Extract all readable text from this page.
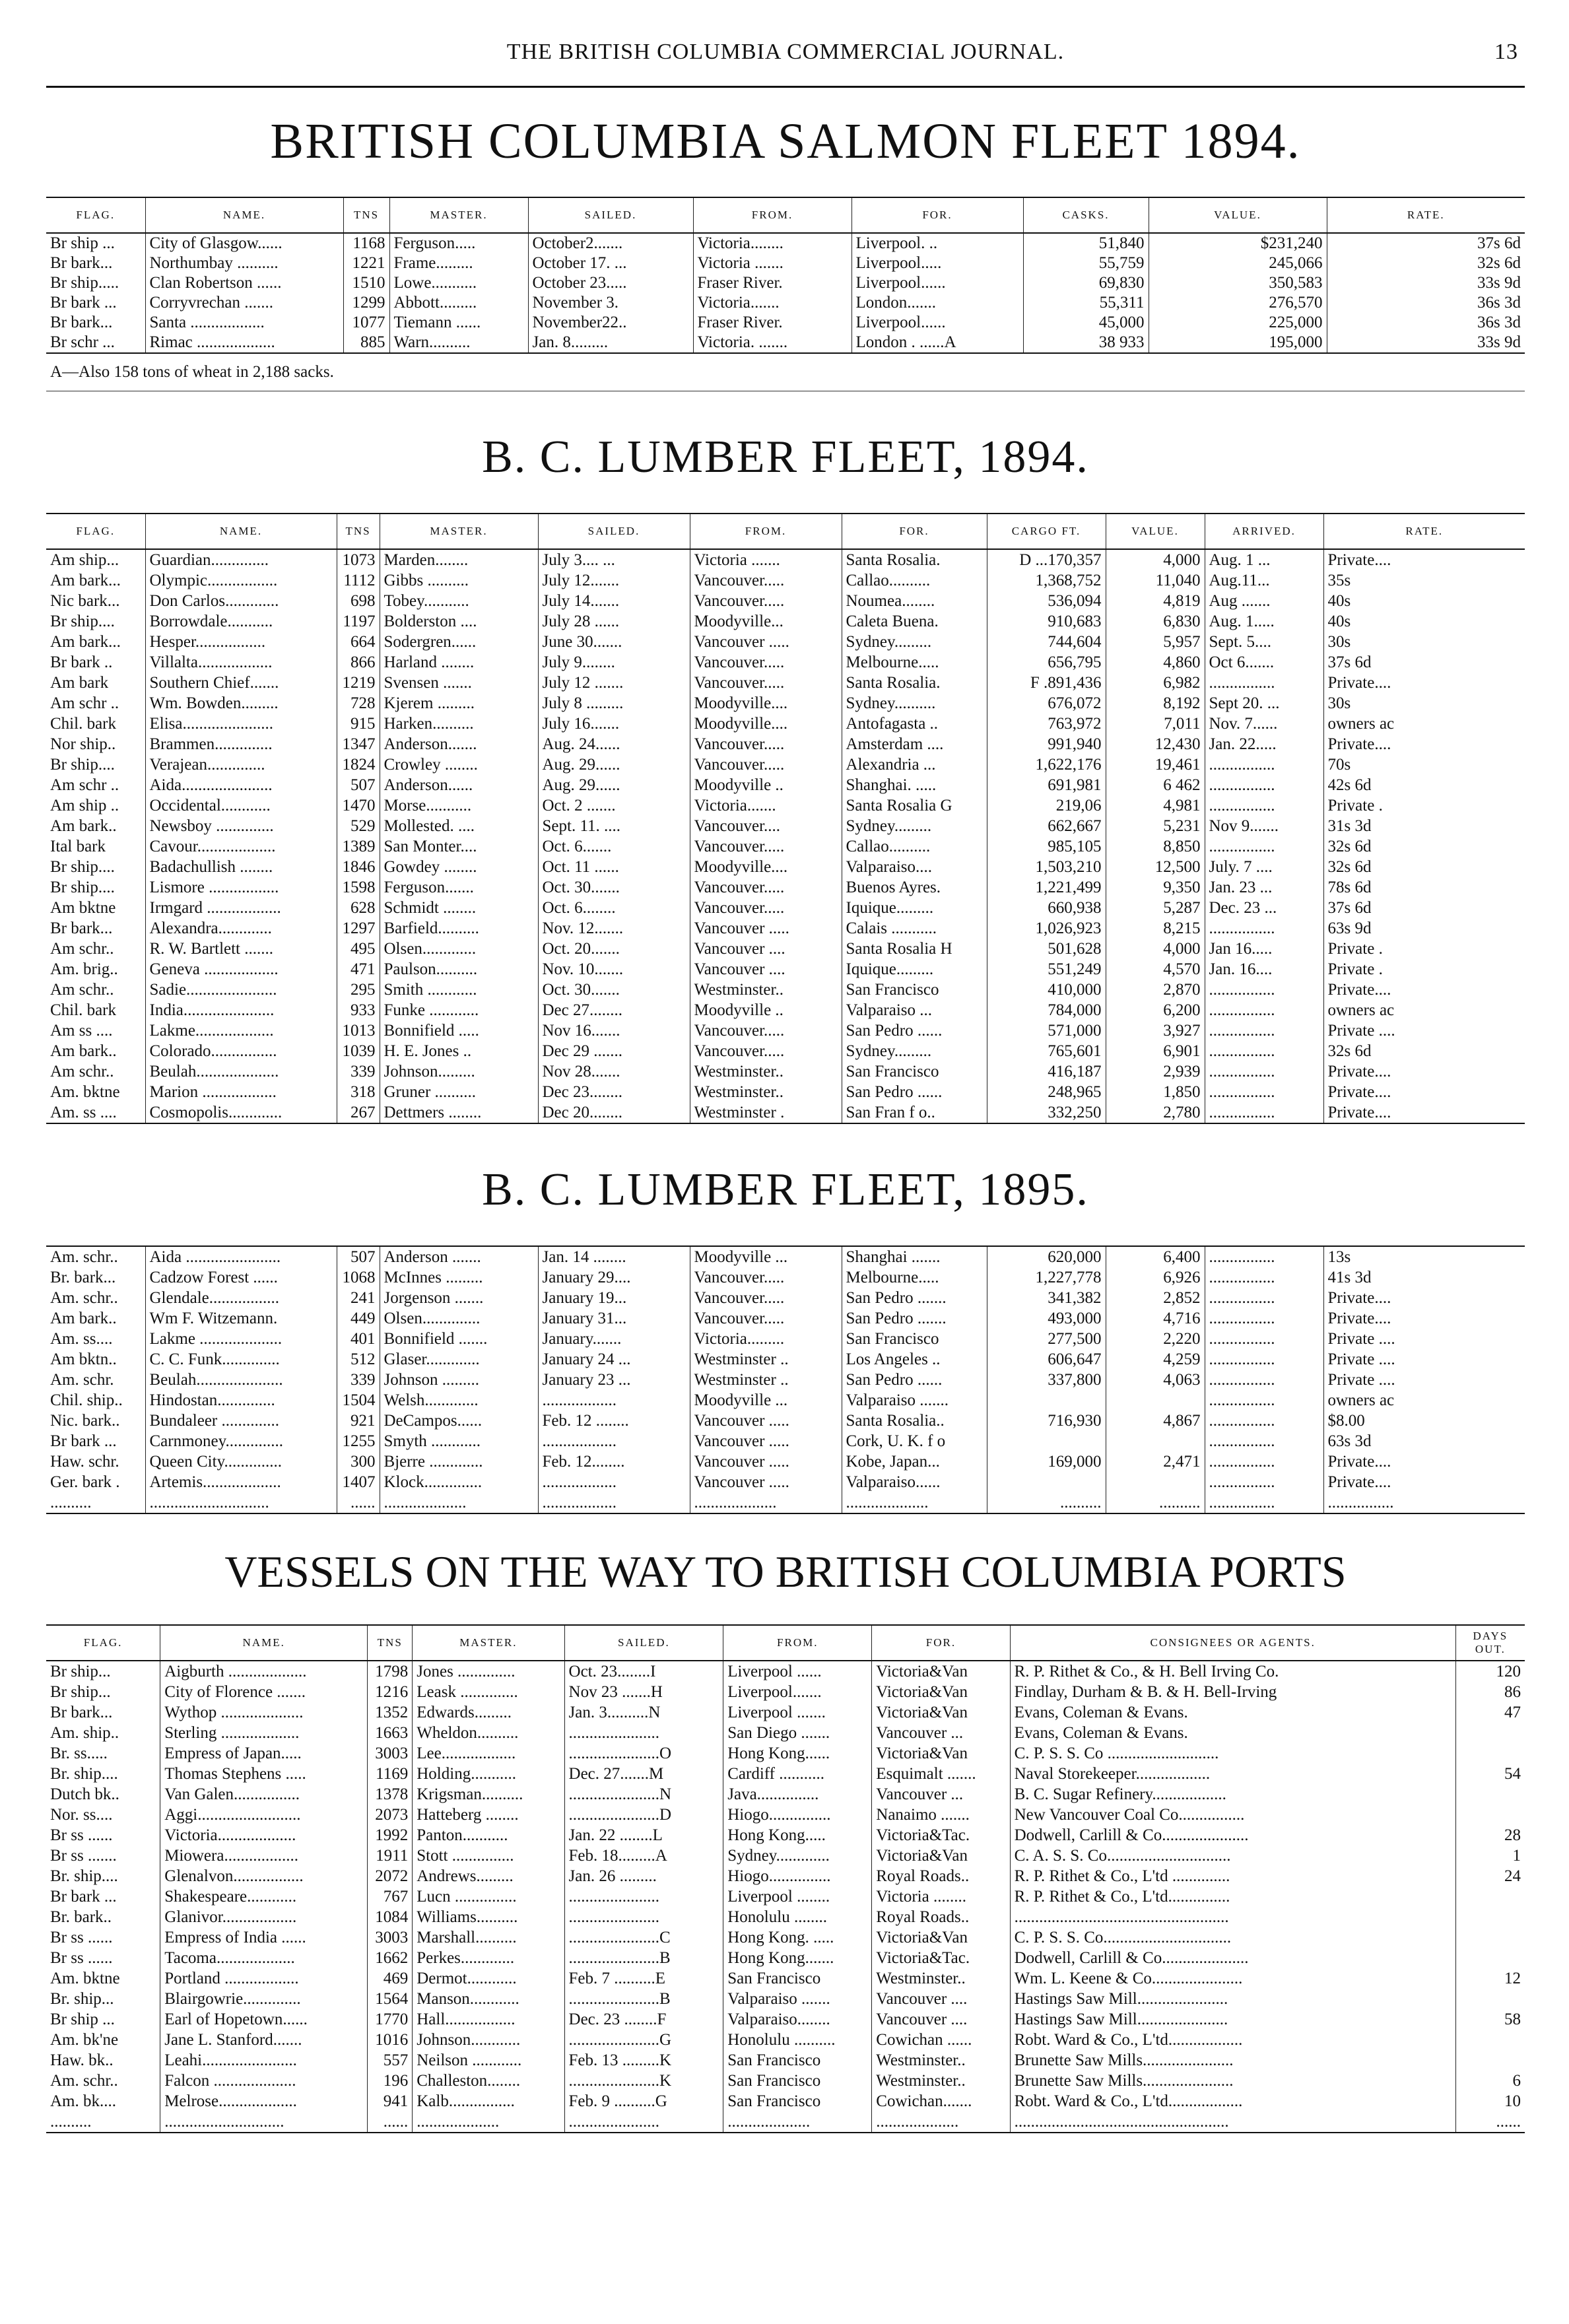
THE BRITISH COLUMBIA COMMERCIAL JOURNAL.	13
BRITISH COLUMBIA SALMON FLEET 1894.
FLAG.	NAME.	TNS	MASTER.	SAILED.	FROM.	FOR.	CASKS.	VALUE.	RATE.
Br ship ...	City of Glasgow......	1168	Ferguson.....	October2.......	Victoria........	Liverpool. ..	51,840	$231,240	37s 6d
Br bark...	Northumbay ..........	1221	Frame.........	October 17. ...	Victoria .......	Liverpool.....	55,759	245,066	32s 6d
Br ship.....	Clan Robertson ......	1510	Lowe...........	October 23.....	Fraser River.	Liverpool......	69,830	350,583	33s 9d
Br bark ...	Corryvrechan .......	1299	Abbott.........	November 3.	Victoria.......	London.......	55,311	276,570	36s 3d
Br bark...	Santa ..................	1077	Tiemann ......	November22..	Fraser River.	Liverpool......	45,000	225,000	36s 3d
Br schr ...	Rimac ...................	885	Warn..........	Jan. 8.........	Victoria. .......	London . ......A	38 933	195,000	33s 9d
A—Also 158 tons of wheat in 2,188 sacks.
B. C. LUMBER FLEET, 1894.
FLAG.	NAME.	TNS	MASTER.	SAILED.	FROM.	FOR.	CARGO FT.	VALUE.	ARRIVED.	RATE.
Am ship...	Guardian..............	1073	Marden........	July 3.... ...	Victoria .......	Santa Rosalia.	D ...170,357	4,000	Aug. 1 ...	Private....
Am bark...	Olympic.................	1112	Gibbs ..........	July 12.......	Vancouver.....	Callao..........	1,368,752	11,040	Aug.11...	35s
Nic bark...	Don Carlos.............	698	Tobey...........	July 14.......	Vancouver.....	Noumea........	536,094	4,819	Aug .......	40s
Br ship....	Borrowdale...........	1197	Bolderston ....	July 28 ......	Moodyville...	Caleta Buena.	910,683	6,830	Aug. 1.....	40s
Am bark...	Hesper.................	664	Sodergren......	June 30.......	Vancouver .....	Sydney.........	744,604	5,957	Sept. 5....	30s
Br bark ..	Villalta..................	866	Harland ........	July 9........	Vancouver.....	Melbourne.....	656,795	4,860	Oct 6.......	37s 6d
Am bark	Southern Chief.......	1219	Svensen .......	July 12 .......	Vancouver.....	Santa Rosalia.	F .891,436	6,982	................	Private....
Am schr ..	Wm. Bowden.........	728	Kjerem .........	July 8 .........	Moodyville....	Sydney..........	676,072	8,192	Sept 20. ...	30s
Chil. bark	Elisa......................	915	Harken..........	July 16.......	Moodyville....	Antofagasta ..	763,972	7,011	Nov. 7......	owners ac
Nor ship..	Brammen..............	1347	Anderson.......	Aug. 24......	Vancouver.....	Amsterdam ....	991,940	12,430	Jan. 22.....	Private....
Br ship....	Verajean..............	1824	Crowley ........	Aug. 29......	Vancouver.....	Alexandria ...	1,622,176	19,461	................	70s
Am schr ..	Aida......................	507	Anderson......	Aug. 29......	Moodyville ..	Shanghai. .....	691,981	6 462	................	42s 6d
Am ship ..	Occidental............	1470	Morse...........	Oct. 2 .......	Victoria.......	Santa Rosalia G	219,06	4,981	................	Private .
Am bark..	Newsboy ..............	529	Mollested. ....	Sept. 11. ....	Vancouver....	Sydney.........	662,667	5,231	Nov 9.......	31s 3d
Ital bark	Cavour...................	1389	San Monter....	Oct. 6.......	Vancouver.....	Callao..........	985,105	8,850	................	32s 6d
Br ship....	Badachullish ........	1846	Gowdey ........	Oct. 11 ......	Moodyville....	Valparaiso....	1,503,210	12,500	July. 7 ....	32s 6d
Br ship....	Lismore .................	1598	Ferguson.......	Oct. 30.......	Vancouver.....	Buenos Ayres.	1,221,499	9,350	Jan. 23 ...	78s 6d
Am bktne	Irmgard ..................	628	Schmidt ........	Oct. 6........	Vancouver.....	Iquique.........	660,938	5,287	Dec. 23 ...	37s 6d
Br bark...	Alexandra.............	1297	Barfield..........	Nov. 12.......	Vancouver .....	Calais ...........	1,026,923	8,215	................	63s 9d
Am schr..	R. W. Bartlett .......	495	Olsen.............	Oct. 20.......	Vancouver ....	Santa Rosalia H	501,628	4,000	Jan 16.....	Private .
Am. brig..	Geneva ..................	471	Paulson..........	Nov. 10.......	Vancouver ....	Iquique.........	551,249	4,570	Jan. 16....	Private .
Am schr..	Sadie......................	295	Smith ............	Oct. 30.......	Westminster..	San Francisco	410,000	2,870	................	Private....
Chil. bark	India......................	933	Funke ............	Dec 27........	Moodyville ..	Valparaiso ...	784,000	6,200	................	owners ac
Am ss ....	Lakme...................	1013	Bonnifield .....	Nov 16.......	Vancouver.....	San Pedro ......	571,000	3,927	................	Private ....
Am bark..	Colorado................	1039	H. E. Jones ..	Dec 29 .......	Vancouver.....	Sydney.........	765,601	6,901	................	32s 6d
Am schr..	Beulah....................	339	Johnson.........	Nov 28.......	Westminster..	San Francisco	416,187	2,939	................	Private....
Am. bktne	Marion ..................	318	Gruner ..........	Dec 23........	Westminster..	San Pedro ......	248,965	1,850	................	Private....
Am. ss ....	Cosmopolis.............	267	Dettmers ........	Dec 20........	Westminster .	San Fran f o..	332,250	2,780	................	Private....
B. C. LUMBER FLEET, 1895.
Am. schr..	Aida .......................	507	Anderson .......	Jan. 14 ........	Moodyville ...	Shanghai .......	620,000	6,400	................	13s
Br. bark...	Cadzow Forest ......	1068	McInnes .........	January 29....	Vancouver.....	Melbourne.....	1,227,778	6,926	................	41s 3d
Am. schr..	Glendale.................	241	Jorgenson .......	January 19...	Vancouver.....	San Pedro .......	341,382	2,852	................	Private....
Am bark..	Wm F. Witzemann.	449	Olsen..............	January 31...	Vancouver.....	San Pedro .......	493,000	4,716	................	Private....
Am. ss....	Lakme ....................	401	Bonnifield .......	January.......	Victoria.........	San Francisco	277,500	2,220	................	Private ....
Am bktn..	C. C. Funk..............	512	Glaser.............	January 24 ...	Westminster ..	Los Angeles ..	606,647	4,259	................	Private ....
Am. schr.	Beulah.....................	339	Johnson .........	January 23 ...	Westminster ..	San Pedro ......	337,800	4,063	................	Private ....
Chil. ship..	Hindostan..............	1504	Welsh.............	..................	Moodyville ...	Valparaiso .......			................	owners ac
Nic. bark..	Bundaleer ..............	921	DeCampos......	Feb. 12 ........	Vancouver .....	Santa Rosalia..	716,930	4,867	................	$8.00
Br bark ...	Carnmoney..............	1255	Smyth ............	..................	Vancouver .....	Cork, U. K. f o			................	63s 3d
Haw. schr.	Queen City..............	300	Bjerre .............	Feb. 12........	Vancouver .....	Kobe, Japan...	169,000	2,471	................	Private....
Ger. bark .	Artemis...................	1407	Klock..............	..................	Vancouver .....	Valparaiso......			................	Private....
..........	.............................	......	....................	..................	....................	....................	..........	..........	................	................
VESSELS ON THE WAY TO BRITISH COLUMBIA PORTS
FLAG.	NAME.	TNS	MASTER.	SAILED.	FROM.	FOR.	CONSIGNEES OR AGENTS.	DAYS OUT.
Br ship...	Aigburth ...................	1798	Jones ..............	Oct. 23........I	Liverpool ......	Victoria&Van	R. P. Rithet & Co., & H. Bell Irving Co.	120
Br ship...	City of Florence .......	1216	Leask ..............	Nov 23 .......H	Liverpool.......	Victoria&Van	Findlay, Durham & B. & H. Bell-Irving	86
Br bark...	Wythop ....................	1352	Edwards.........	Jan. 3..........N	Liverpool .......	Victoria&Van	Evans, Coleman & Evans.	47
Am. ship..	Sterling ...................	1663	Wheldon..........	......................	San Diego .......	Vancouver ...	Evans, Coleman & Evans.	
Br. ss.....	Empress of Japan.....	3003	Lee..................	......................O	Hong Kong......	Victoria&Van	C. P. S. S. Co ...........................	
Br. ship....	Thomas Stephens .....	1169	Holding...........	Dec. 27.......M	Cardiff ...........	Esquimalt .......	Naval Storekeeper..................	54
Dutch bk..	Van Galen................	1378	Krigsman..........	......................N	Java...............	Vancouver ...	B. C. Sugar Refinery..................	
Nor. ss....	Aggi.........................	2073	Hatteberg ........	......................D	Hiogo...............	Nanaimo .......	New Vancouver Coal Co................	
Br ss ......	Victoria...................	1992	Panton...........	Jan. 22 ........L	Hong Kong.....	Victoria&Tac.	Dodwell, Carlill & Co.....................	28
Br ss .......	Miowera..................	1911	Stott ...............	Feb. 18.........A	Sydney.............	Victoria&Van	C. A. S. S. Co..............................	1
Br. ship....	Glenalvon.................	2072	Andrews.........	Jan. 26 .........	Hiogo...............	Royal Roads..	R. P. Rithet & Co., L'td ..............	24
Br bark ...	Shakespeare............	767	Lucn ...............	......................	Liverpool ........	Victoria ........	R. P. Rithet & Co., L'td...............	
Br. bark..	Glanivor..................	1084	Williams..........	......................	Honolulu ........	Royal Roads..	....................................................	
Br ss ......	Empress of India ......	3003	Marshall..........	......................C	Hong Kong. .....	Victoria&Van	C. P. S. S. Co...............................	
Br ss ......	Tacoma...................	1662	Perkes.............	......................B	Hong Kong.......	Victoria&Tac.	Dodwell, Carlill & Co.....................	
Am. bktne	Portland ..................	469	Dermot............	Feb. 7 ..........E	San Francisco	Westminster..	Wm. L. Keene & Co......................	12
Br. ship...	Blairgowrie..............	1564	Manson............	......................B	Valparaiso .......	Vancouver ....	Hastings Saw Mill......................	
Br ship ...	Earl of Hopetown......	1770	Hall.................	Dec. 23 ........F	Valparaiso........	Vancouver ....	Hastings Saw Mill......................	58
Am. bk'ne	Jane L. Stanford.......	1016	Johnson............	......................G	Honolulu ..........	Cowichan ......	Robt. Ward & Co., L'td..................	
Haw. bk..	Leahi.......................	557	Neilson ............	Feb. 13 .........K	San Francisco	Westminster..	Brunette Saw Mills......................	
Am. schr..	Falcon ....................	196	Challeston........	......................K	San Francisco	Westminster..	Brunette Saw Mills......................	6
Am. bk....	Melrose...................	941	Kalb................	Feb. 9 ..........G	San Francisco	Cowichan.......	Robt. Ward & Co., L'td..................	10
..........	.............................	......	....................	......................	....................	....................	....................................................	......
